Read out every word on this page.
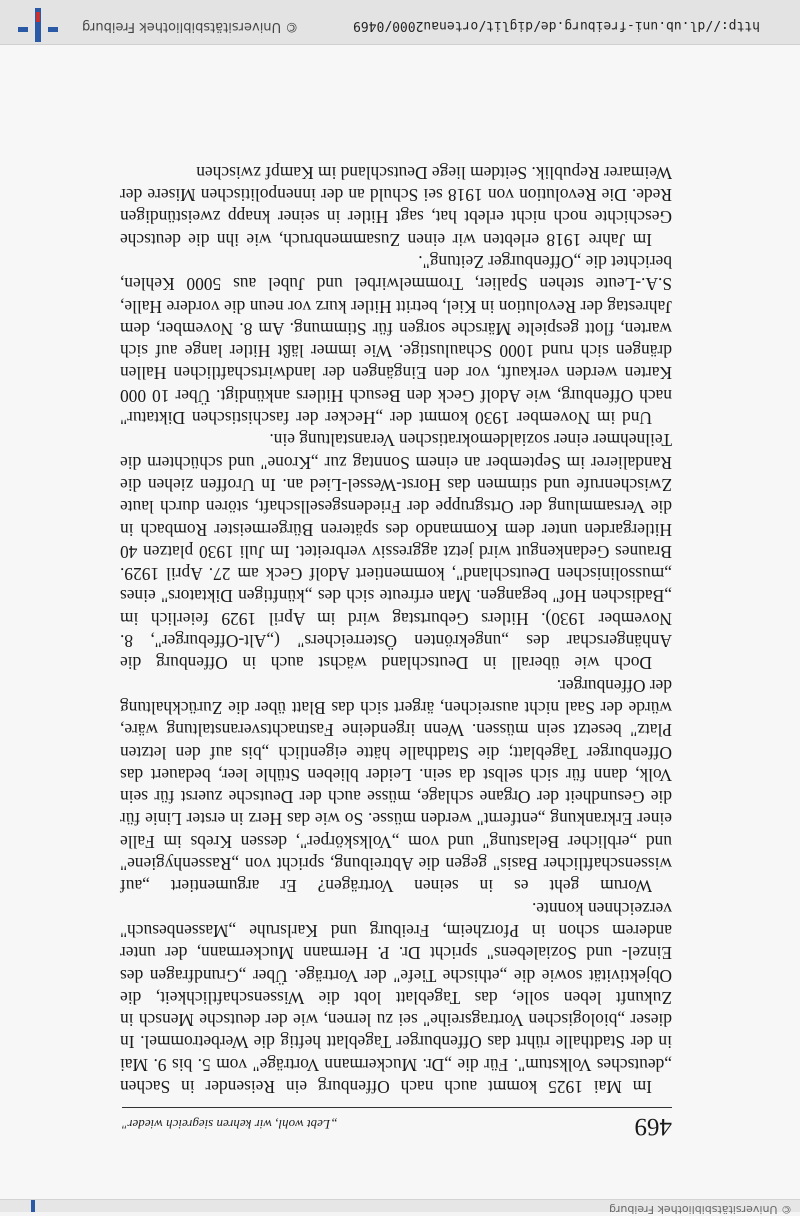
© Universitätsbibliothek Freiburg
469
„Lebt wohl, wir kehren siegreich wieder"

Im Mai 1925 kommt auch nach Offenburg ein Reisender in Sachen „deutsches Volkstum". Für die „Dr. Muckermann Vorträge" vom 5. bis 9. Mai in der Stadthalle rührt das Offenburger Tageblatt heftig die Werbetrommel. In dieser „biologischen Vortragsreihe" sei zu lernen, wie der deutsche Mensch in Zukunft leben solle, das Tageblatt lobt die Wissenschaftlichkeit, die Objektivität sowie die „ethische Tiefe" der Vorträge. Über „Grundfragen des Einzel- und Sozialebens" spricht Dr. P. Hermann Muckermann, der unter anderem schon in Pforzheim, Freiburg und Karlsruhe „Massenbesuch" verzeichnen konnte.

Worum geht es in seinen Vorträgen? Er argumentiert „auf wissenschaftlicher Basis" gegen die Abtreibung, spricht von „Rassenhygiene" und „erblicher Belastung" und vom „Volkskörper", dessen Krebs im Falle einer Erkrankung „entfernt" werden müsse. So wie das Herz in erster Linie für die Gesundheit der Organe schlage, müsse auch der Deutsche zuerst für sein Volk, dann für sich selbst da sein. Leider blieben Stühle leer, bedauert das Offenburger Tageblatt; die Stadthalle hätte eigentlich „bis auf den letzten Platz" besetzt sein müssen. Wenn irgendeine Fastnachtsveranstaltung wäre, würde der Saal nicht ausreichen, ärgert sich das Blatt über die Zurückhaltung der Offenburger.

Doch wie überall in Deutschland wächst auch in Offenburg die Anhängerschar des „ungekrönten Österreichers" („Alt-Offeburger", 8. November 1930). Hitlers Geburtstag wird im April 1929 feierlich im „Badischen Hof" begangen. Man erfreute sich des „künftigen Diktators" eines „mussolinischen Deutschland", kommentiert Adolf Geck am 27. April 1929. Braunes Gedankengut wird jetzt aggressiv verbreitet. Im Juli 1930 platzen 40 Hitlergarden unter dem Kommando des späteren Bürgermeister Rombach in die Versammlung der Ortsgruppe der Friedensgesellschaft, stören durch laute Zwischenrufe und stimmen das Horst-Wessel-Lied an. In Uroffen ziehen die Randalierer im September an einem Sonntag zur „Krone" und schüchtern die Teilnehmer einer sozialdemokratischen Veranstaltung ein.

Und im November 1930 kommt der „Hecker der faschistischen Diktatur" nach Offenburg, wie Adolf Geck den Besuch Hitlers ankündigt. Über 10 000 Karten werden verkauft, vor den Eingängen der landwirtschaftlichen Hallen drängen sich rund 1000 Schaulustige. Wie immer läßt Hitler lange auf sich warten, flott gespielte Märsche sorgen für Stimmung. Am 8. November, dem Jahrestag der Revolution in Kiel, betritt Hitler kurz vor neun die vordere Halle, S.A.-Leute stehen Spalier, Trommelwirbel und Jubel aus 5000 Kehlen, berichtet die „Offenburger Zeitung".

Im Jahre 1918 erlebten wir einen Zusammenbruch, wie ihn die deutsche Geschichte noch nicht erlebt hat, sagt Hitler in seiner knapp zweistündigen Rede. Die Revolution von 1918 sei Schuld an der innenpolitischen Misere der Weimarer Republik. Seitdem liege Deutschland im Kampf zwischen

http://dl.ub.uni-freiburg.de/diglit/ortenau2000/0469
© Universitätsbibliothek Freiburg
